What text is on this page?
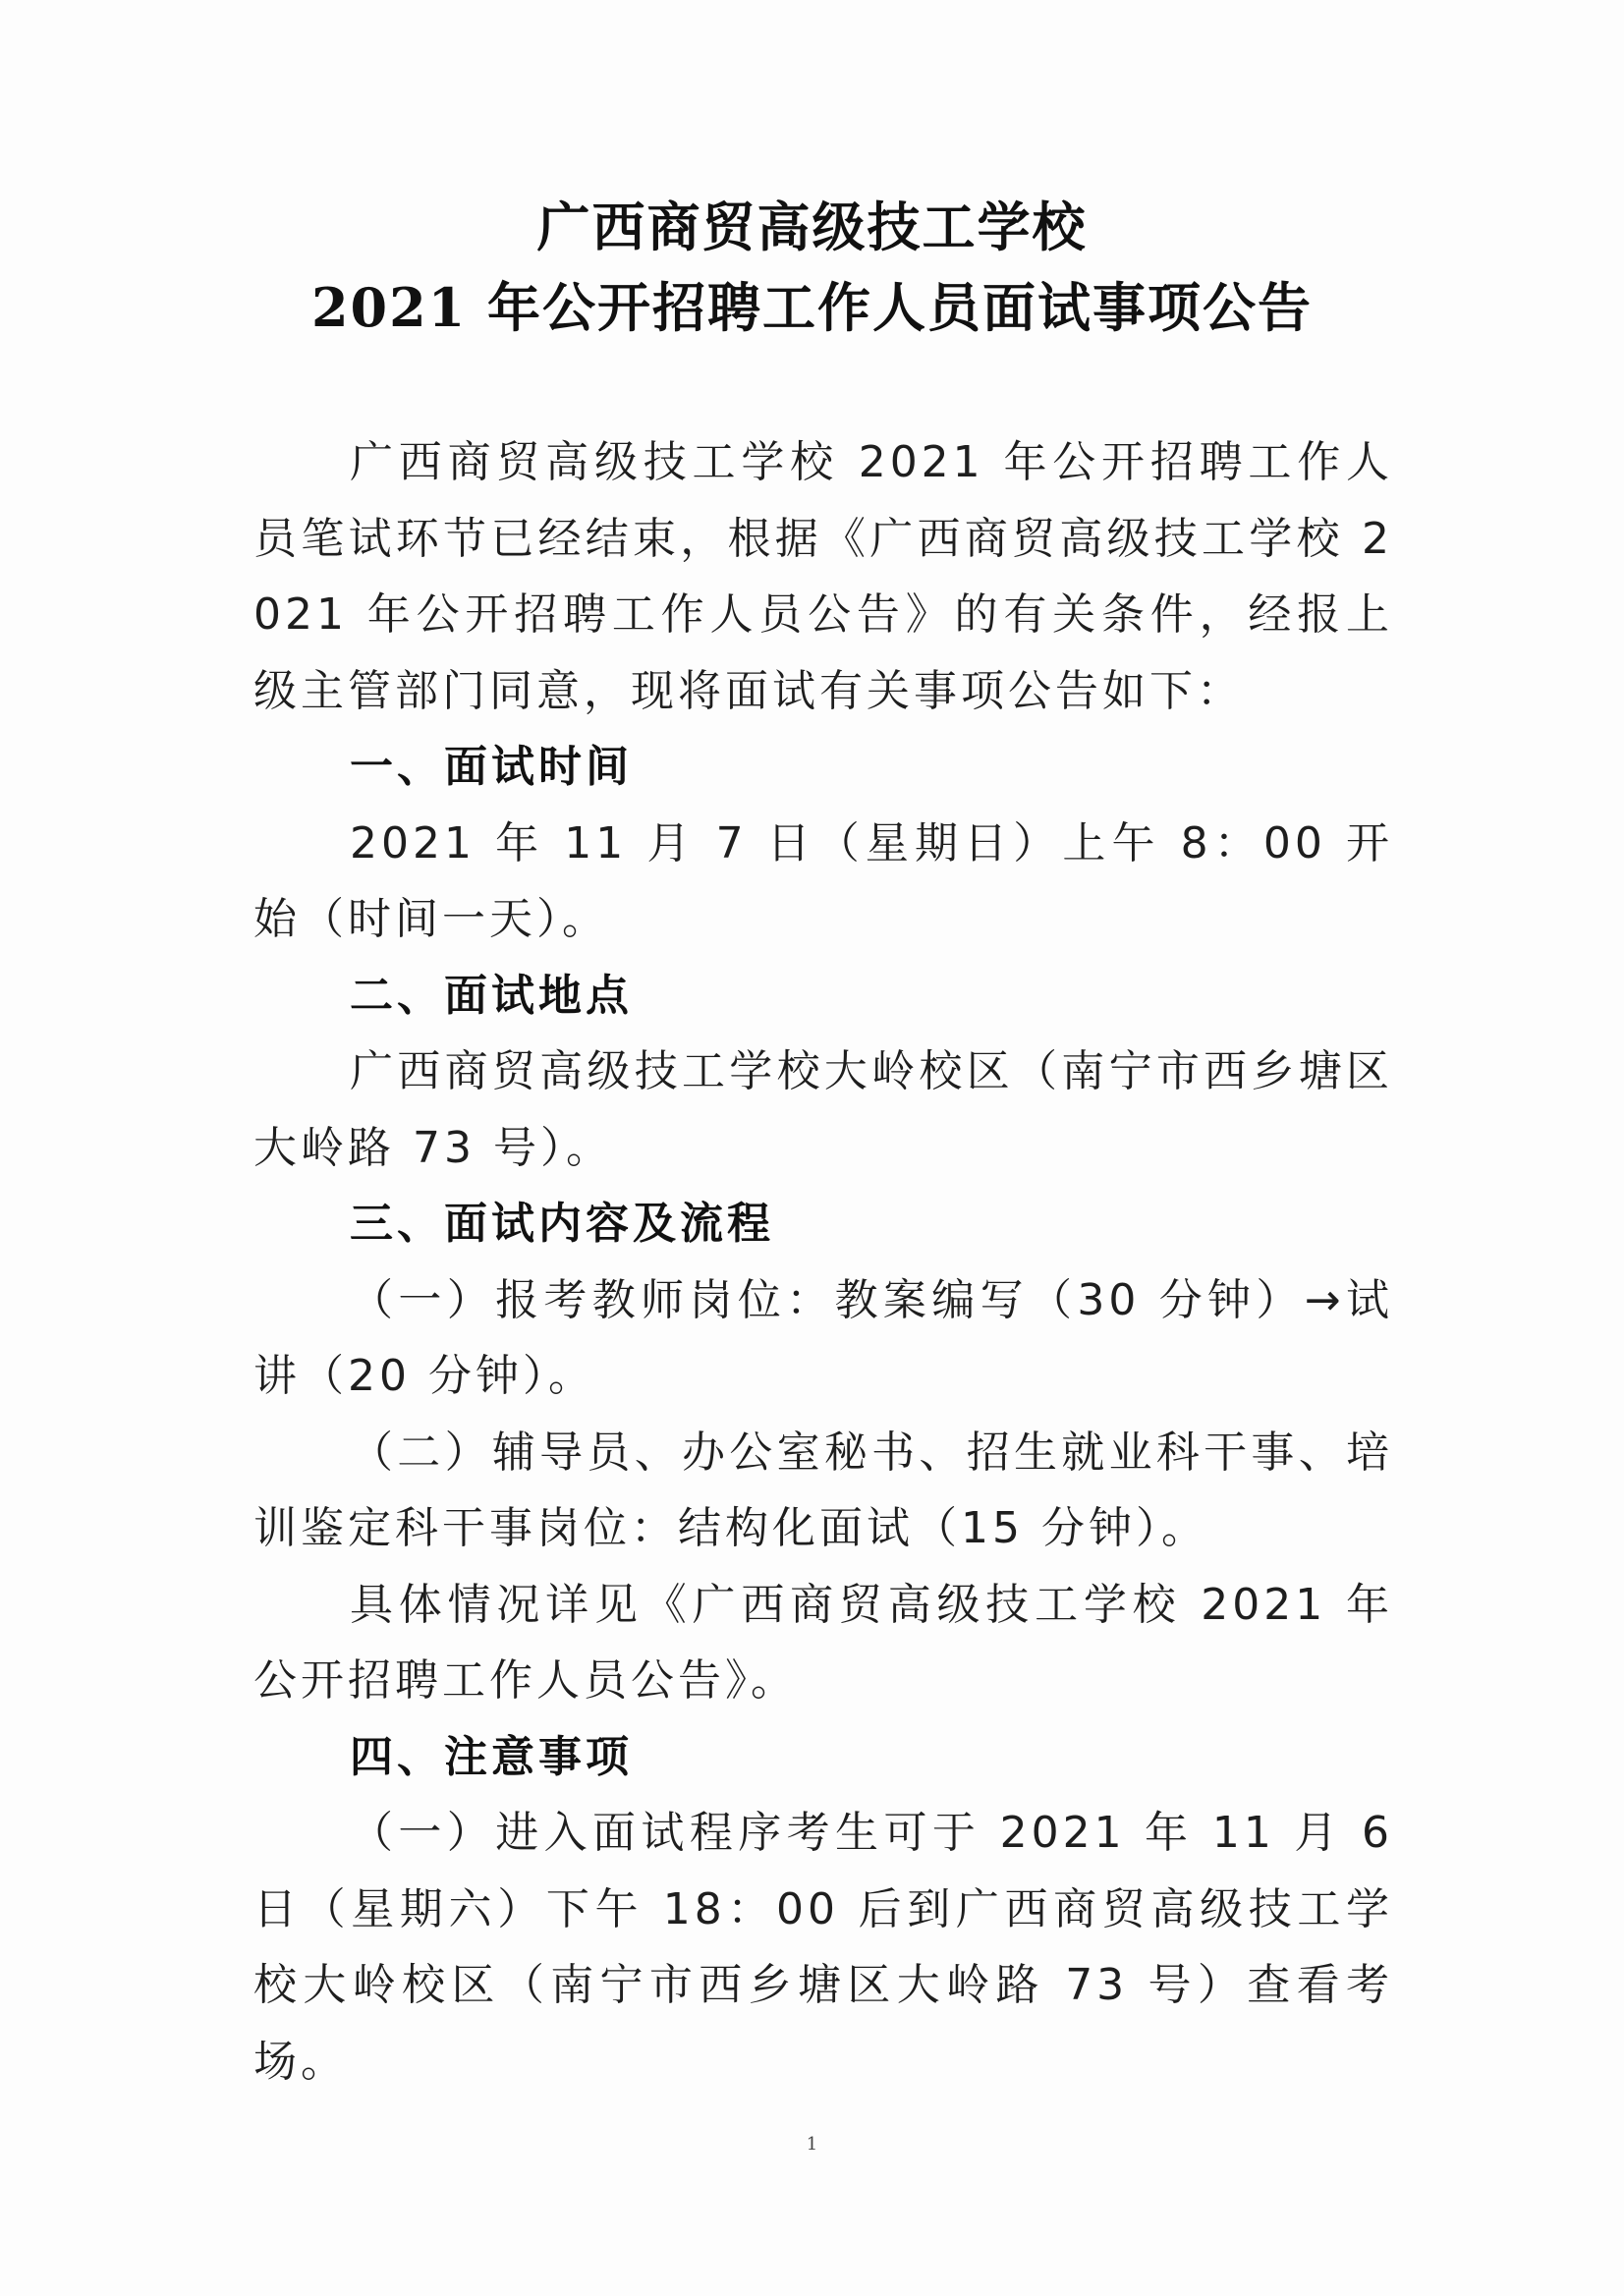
广西商贸高级技工学校
2021 年公开招聘工作人员面试事项公告

广西商贸高级技工学校 2021 年公开招聘工作人员笔试环节已经结束，根据《广西商贸高级技工学校 2021 年公开招聘工作人员公告》的有关条件，经报上级主管部门同意，现将面试有关事项公告如下：

一、面试时间

2021 年 11 月 7 日（星期日）上午 8：00 开始（时间一天）。

二、面试地点

广西商贸高级技工学校大岭校区（南宁市西乡塘区大岭路 73 号）。

三、面试内容及流程

（一）报考教师岗位：教案编写（30 分钟）→试讲（20 分钟）。

（二）辅导员、办公室秘书、招生就业科干事、培训鉴定科干事岗位：结构化面试（15 分钟）。

具体情况详见《广西商贸高级技工学校 2021 年公开招聘工作人员公告》。

四、注意事项

（一）进入面试程序考生可于 2021 年 11 月 6 日（星期六）下午 18：00 后到广西商贸高级技工学校大岭校区（南宁市西乡塘区大岭路 73 号）查看考场。

1
